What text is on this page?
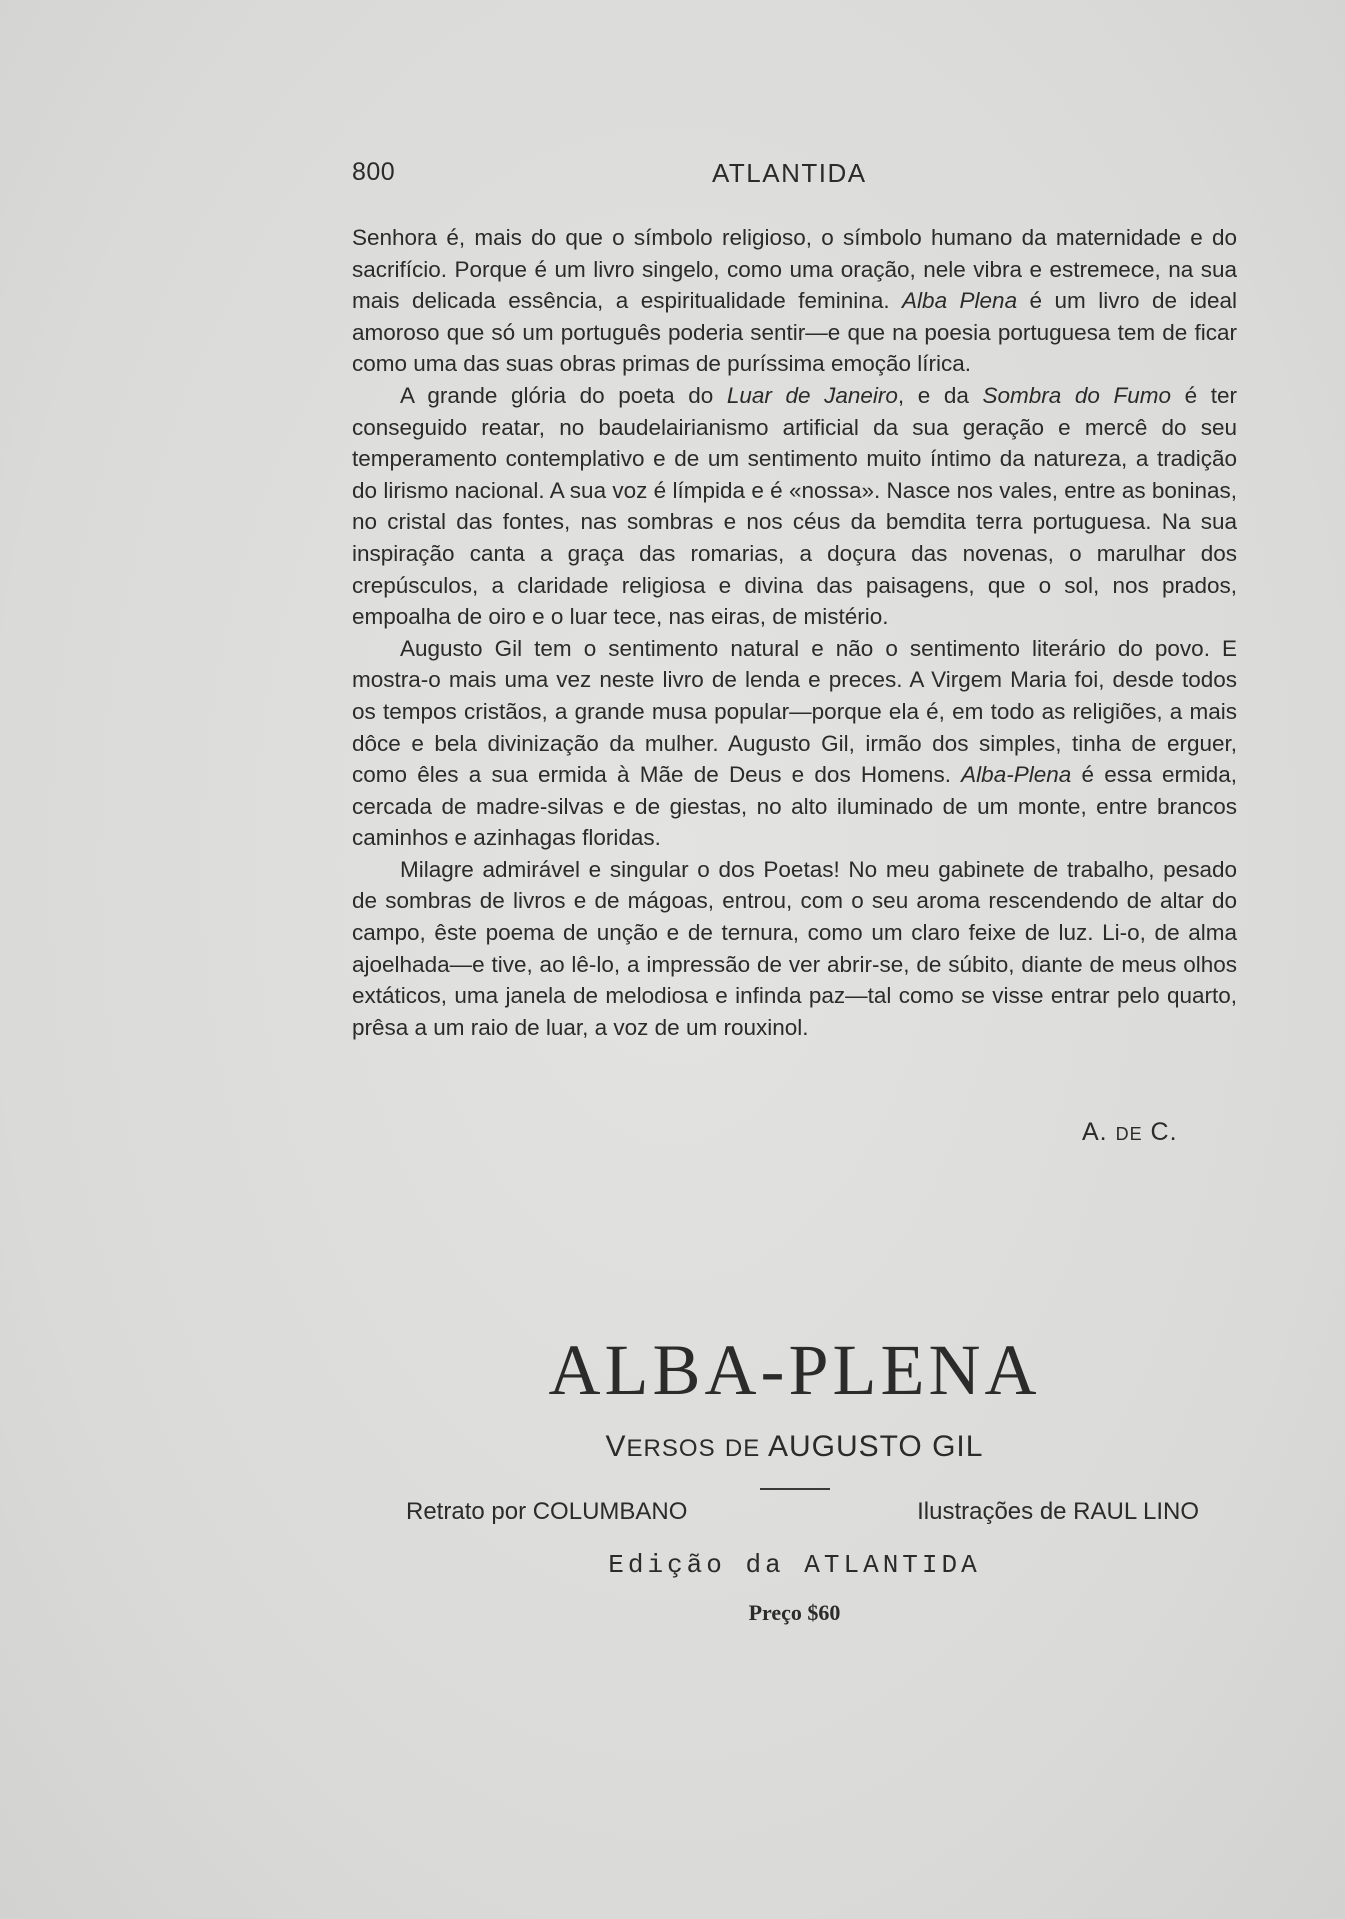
800	ATLANTIDA

Senhora é, mais do que o símbolo religioso, o símbolo humano da maternidade e do sacrifício. Porque é um livro singelo, como uma oração, nele vibra e estremece, na sua mais delicada essência, a espiritualidade feminina. Alba Plena é um livro de ideal amoroso que só um português poderia sentir—e que na poesia portuguesa tem de ficar como uma das suas obras primas de puríssima emoção lírica.

A grande glória do poeta do Luar de Janeiro, e da Sombra do Fumo é ter conseguido reatar, no baudelairianismo artificial da sua geração e mercê do seu temperamento contemplativo e de um sentimento muito íntimo da natureza, a tradição do lirismo nacional. A sua voz é límpida e é «nossa». Nasce nos vales, entre as boninas, no cristal das fontes, nas sombras e nos céus da bemdita terra portuguesa. Na sua inspiração canta a graça das romarias, a doçura das novenas, o marulhar dos crepúsculos, a claridade religiosa e divina das paisagens, que o sol, nos prados, empoalha de oiro e o luar tece, nas eiras, de mistério.

Augusto Gil tem o sentimento natural e não o sentimento literário do povo. E mostra-o mais uma vez neste livro de lenda e preces. A Virgem Maria foi, desde todos os tempos cristãos, a grande musa popular—porque ela é, em todo as religiões, a mais dôce e bela divinização da mulher. Augusto Gil, irmão dos simples, tinha de erguer, como êles a sua ermida à Mãe de Deus e dos Homens. Alba-Plena é essa ermida, cercada de madre-silvas e de giestas, no alto iluminado de um monte, entre brancos caminhos e azinhagas floridas.

Milagre admirável e singular o dos Poetas! No meu gabinete de trabalho, pesado de sombras de livros e de mágoas, entrou, com o seu aroma rescendendo de altar do campo, êste poema de unção e de ternura, como um claro feixe de luz. Li-o, de alma ajoelhada—e tive, ao lê-lo, a impressão de ver abrir-se, de súbito, diante de meus olhos extáticos, uma janela de melodiosa e infinda paz—tal como se visse entrar pelo quarto, prêsa a um raio de luar, a voz de um rouxinol.

A. DE C.
ALBA-PLENA
VERSOS DE AUGUSTO GIL
Retrato por COLUMBANO	Ilustrações de RAUL LINO
Edição da ATLANTIDA
Preço $60
